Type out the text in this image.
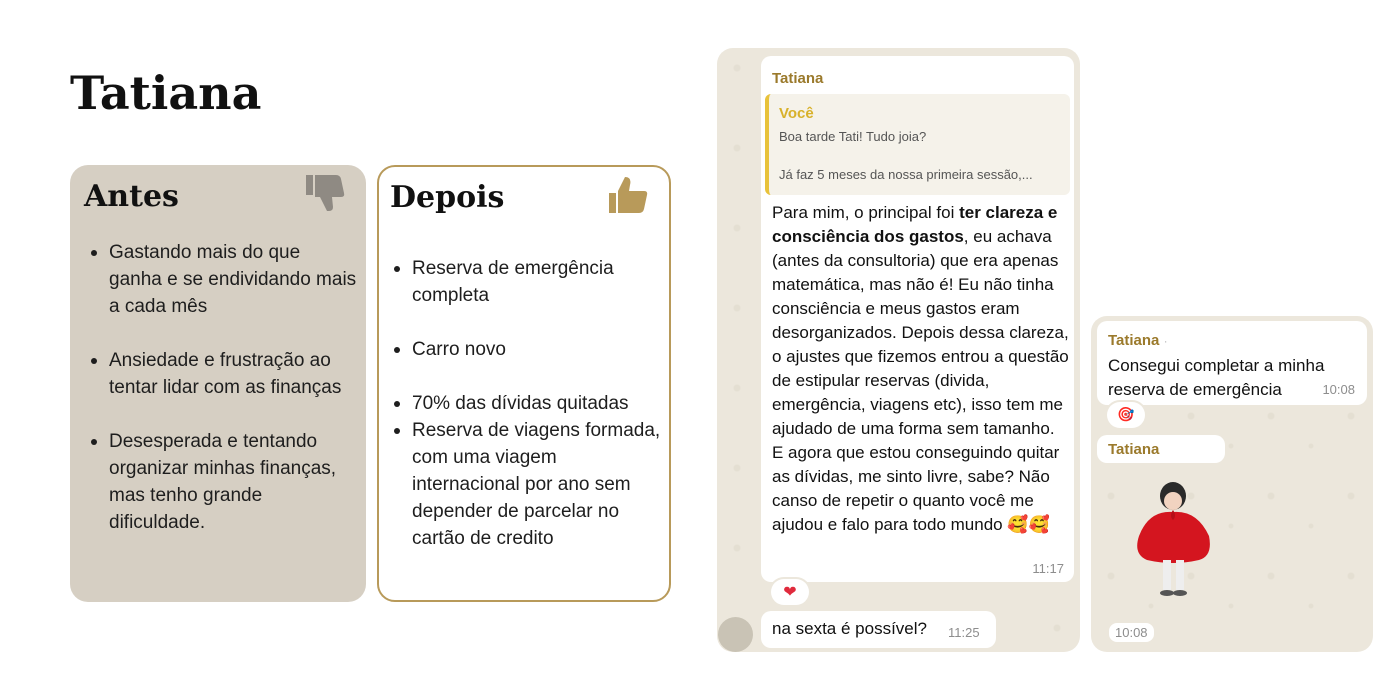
Tatiana
Antes
Gastando mais do que ganha e se endividando mais a cada mês
Ansiedade e frustração ao tentar lidar com as finanças
Desesperada e tentando organizar minhas finanças, mas tenho grande dificuldade.
Depois
Reserva de emergência completa
Carro novo
70% das dívidas quitadas
Reserva de viagens formada, com uma viagem internacional por ano sem depender de parcelar no cartão de credito
Tatiana
Você
Boa tarde Tati! Tudo joia?
Já faz 5 meses da nossa primeira sessão,...
Para mim, o principal foi ter clareza e consciência dos gastos, eu achava (antes da consultoria) que era apenas matemática, mas não é! Eu não tinha consciência e meus gastos eram desorganizados. Depois dessa clareza, o ajustes que fizemos entrou a questão de estipular reservas (divida, emergência, viagens etc), isso tem me ajudado de uma forma sem tamanho. E agora que estou conseguindo quitar as dívidas, me sinto livre, sabe? Não canso de repetir o quanto você me ajudou e falo para todo mundo 🥰🥰
11:17
❤
na sexta é possível? 11:25
Tatiana ·
Consegui completar a minha reserva de emergência	10:08
🎯
Tatiana
10:08
